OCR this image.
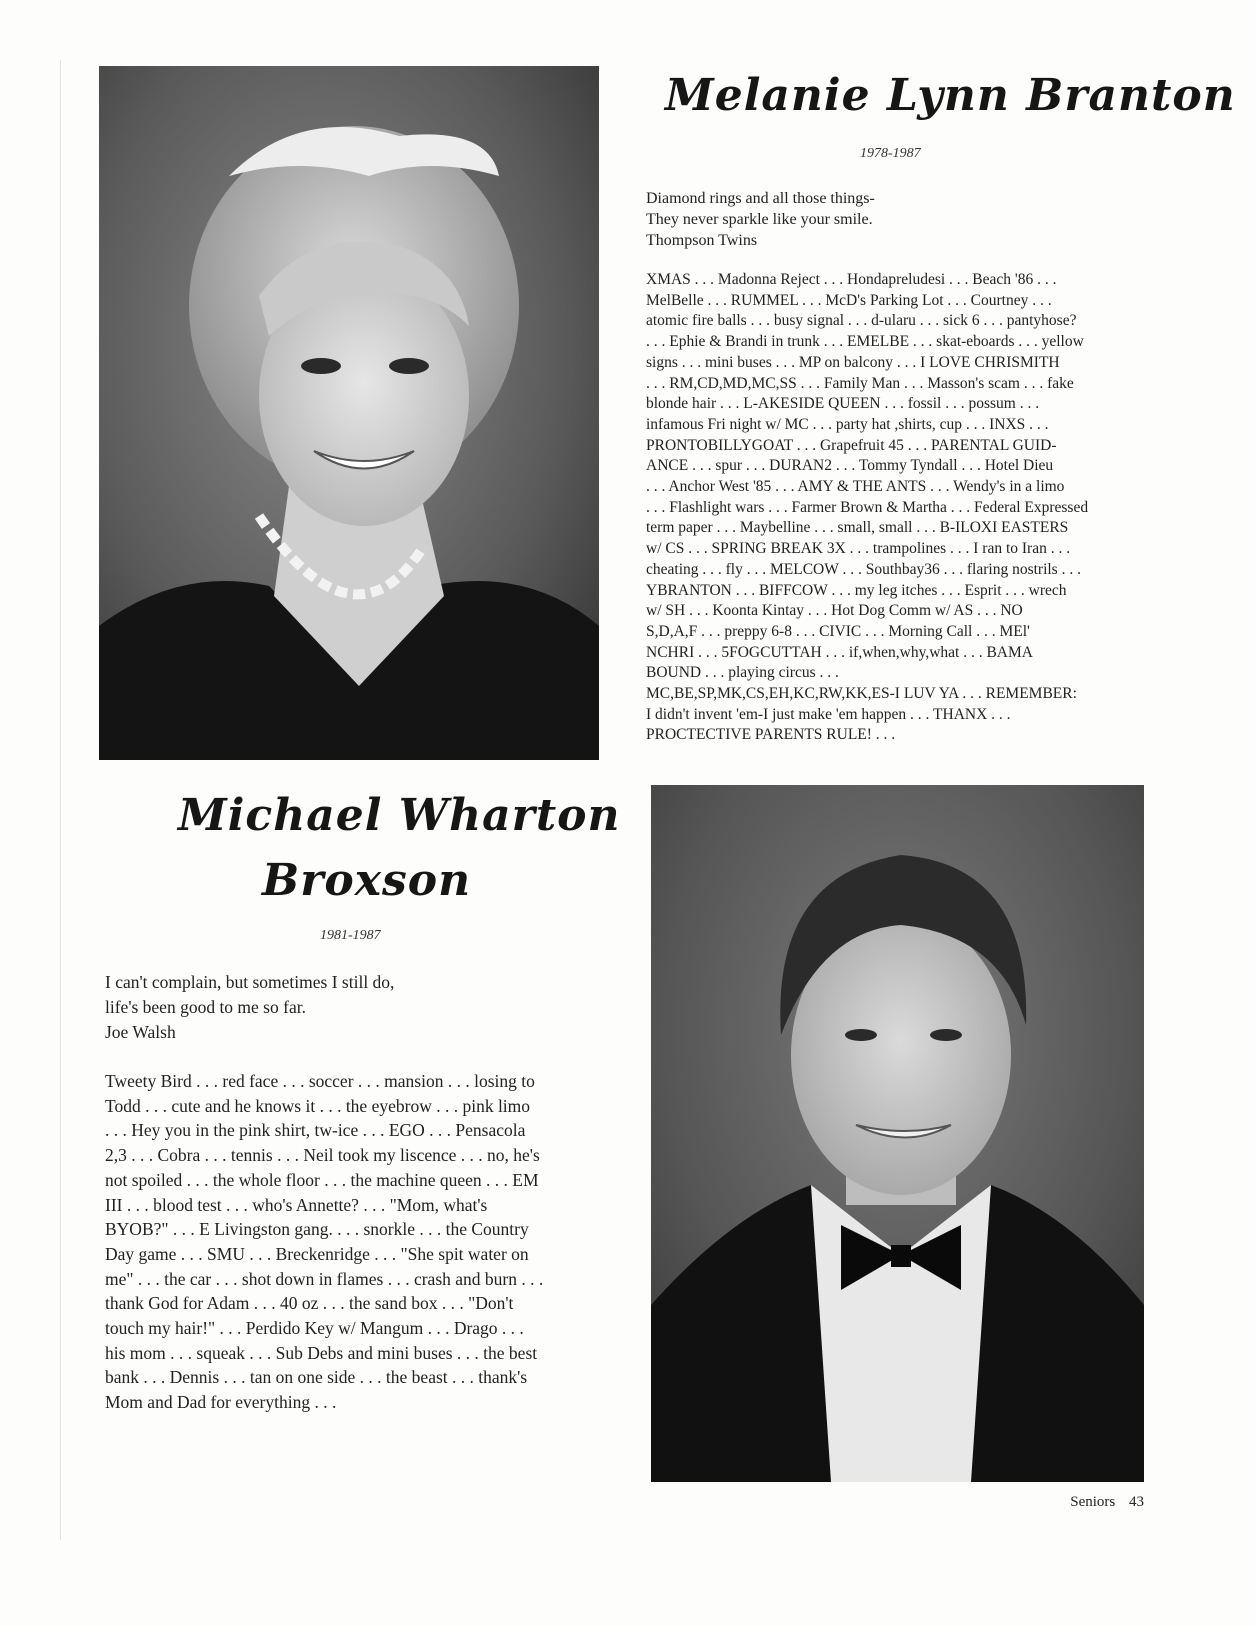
Melanie Lynn Branton
1978-1987
Diamond rings and all those things-
They never sparkle like your smile.
Thompson Twins
XMAS . . . Madonna Reject . . . Hondapreludesi . . . Beach '86 . . .
MelBelle . . . RUMMEL . . . McD's Parking Lot . . . Courtney . . .
atomic fire balls . . . busy signal . . . d-ularu . . . sick 6 . . . pantyhose?
. . . Ephie & Brandi in trunk . . . EMELBE . . . skat-eboards . . . yellow
signs . . . mini buses . . . MP on balcony . . . I LOVE CHRISMITH
. . . RM,CD,MD,MC,SS . . . Family Man . . . Masson's scam . . . fake
blonde hair . . . L-AKESIDE QUEEN . . . fossil . . . possum . . .
infamous Fri night w/ MC . . . party hat ,shirts, cup . . . INXS . . .
PRONTOBILLYGOAT . . . Grapefruit 45 . . . PARENTAL GUID-
ANCE . . . spur . . . DURAN2 . . . Tommy Tyndall . . . Hotel Dieu
. . . Anchor West '85 . . . AMY & THE ANTS . . . Wendy's in a limo
. . . Flashlight wars . . . Farmer Brown & Martha . . . Federal Expressed
term paper . . . Maybelline . . . small, small . . . B-ILOXI EASTERS
w/ CS . . . SPRING BREAK 3X . . . trampolines . . . I ran to Iran . . .
cheating . . . fly . . . MELCOW . . . Southbay36 . . . flaring nostrils . . .
YBRANTON . . . BIFFCOW . . . my leg itches . . . Esprit . . . wrech
w/ SH . . . Koonta Kintay . . . Hot Dog Comm w/ AS . . . NO
S,D,A,F . . . preppy 6-8 . . . CIVIC . . . Morning Call . . . MEl'
NCHRI . . . 5FOGCUTTAH . . . if,when,why,what . . . BAMA
BOUND . . . playing circus . . .
MC,BE,SP,MK,CS,EH,KC,RW,KK,ES-I LUV YA . . . REMEMBER:
I didn't invent 'em-I just make 'em happen . . . THANX . . .
PROCTECTIVE PARENTS RULE! . . .
Michael Wharton
Broxson
1981-1987
I can't complain, but sometimes I still do,
life's been good to me so far.
Joe Walsh
Tweety Bird . . . red face . . . soccer . . . mansion . . . losing to
Todd . . . cute and he knows it . . . the eyebrow . . . pink limo
. . . Hey you in the pink shirt, tw-ice . . . EGO . . . Pensacola
2,3 . . . Cobra . . . tennis . . . Neil took my liscence . . . no, he's
not spoiled . . . the whole floor . . . the machine queen . . . EM
III . . . blood test . . . who's Annette? . . . "Mom, what's
BYOB?" . . . E Livingston gang. . . . snorkle . . . the Country
Day game . . . SMU . . . Breckenridge . . . "She spit water on
me" . . . the car . . . shot down in flames . . . crash and burn . . .
thank God for Adam . . . 40 oz . . . the sand box . . . "Don't
touch my hair!" . . . Perdido Key w/ Mangum . . . Drago . . .
his mom . . . squeak . . . Sub Debs and mini buses . . . the best
bank . . . Dennis . . . tan on one side . . . the beast . . . thank's
Mom and Dad for everything . . .
Seniors 43
